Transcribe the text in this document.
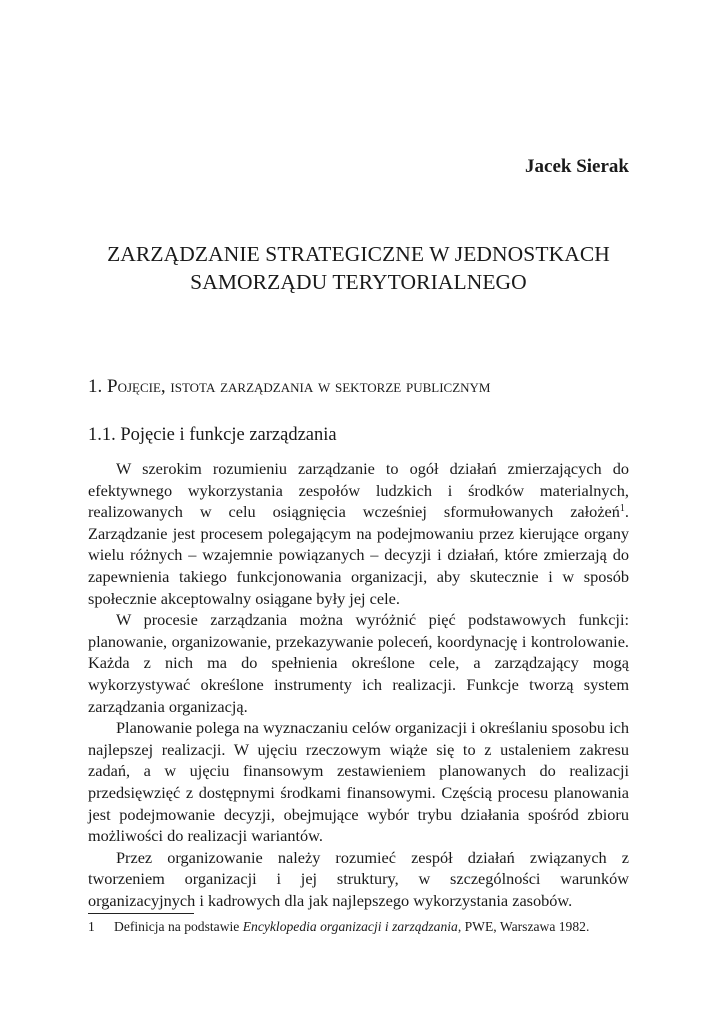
Jacek Sierak

ZARZĄDZANIE STRATEGICZNE W JEDNOSTKACH
SAMORZĄDU TERYTORIALNEGO
1. Pojęcie, istota zarządzania w sektorze publicznym
1.1. Pojęcie i funkcje zarządzania

W szerokim rozumieniu zarządzanie to ogół działań zmierzających do efektywnego wykorzystania zespołów ludzkich i środków materialnych, realizowanych w celu osiągnięcia wcześniej sformułowanych założeń$^1$. Zarządzanie jest procesem polegającym na podejmowaniu przez kierujące organy wielu różnych – wzajemnie powiązanych – decyzji i działań, które zmierzają do zapewnienia takiego funkcjonowania organizacji, aby skutecznie i w sposób społecznie akceptowalny osiągane były jej cele.

W procesie zarządzania można wyróżnić pięć podstawowych funkcji: planowanie, organizowanie, przekazywanie poleceń, koordynację i kontrolowanie. Każda z nich ma do spełnienia określone cele, a zarządzający mogą wykorzystywać określone instrumenty ich realizacji. Funkcje tworzą system zarządzania organizacją.

Planowanie polega na wyznaczaniu celów organizacji i określaniu sposobu ich najlepszej realizacji. W ujęciu rzeczowym wiąże się to z ustaleniem zakresu zadań, a w ujęciu finansowym zestawieniem planowanych do realizacji przedsięwzięć z dostępnymi środkami finansowymi. Częścią procesu planowania jest podejmowanie decyzji, obejmujące wybór trybu działania spośród zbioru możliwości do realizacji wariantów.

Przez organizowanie należy rozumieć zespół działań związanych z tworzeniem organizacji i jej struktury, w szczególności warunków organizacyjnych i kadrowych dla jak najlepszego wykorzystania zasobów.

1 Definicja na podstawie Encyklopedia organizacji i zarządzania, PWE, Warszawa 1982.
